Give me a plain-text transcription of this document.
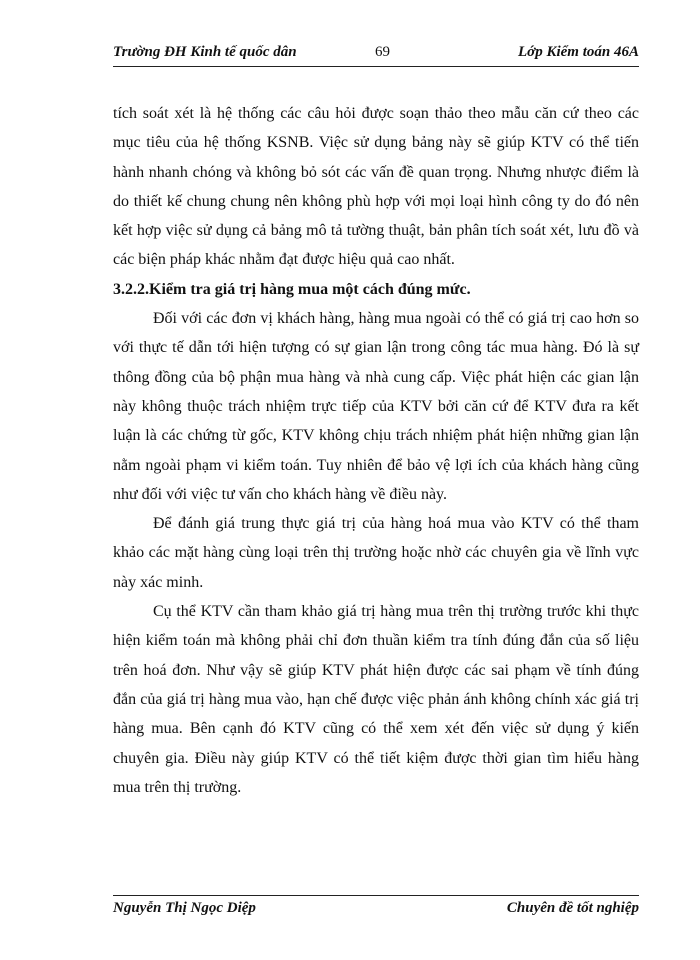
Trường ĐH Kinh tế quốc dân	69	Lớp Kiểm toán 46A

tích soát xét là hệ thống các câu hỏi được soạn thảo theo mẫu căn cứ theo các mục tiêu của hệ thống KSNB. Việc sử dụng bảng này sẽ giúp KTV có thể tiến hành nhanh chóng và không bỏ sót các vấn đề quan trọng. Nhưng nhược điểm là do thiết kế chung chung nên không phù hợp với mọi loại hình công ty do đó nên kết hợp việc sử dụng cả bảng mô tả tường thuật, bản phân tích soát xét, lưu đồ và các biện pháp khác nhằm đạt được hiệu quả cao nhất.

3.2.2.Kiểm tra giá trị hàng mua một cách đúng mức.

Đối với các đơn vị khách hàng, hàng mua ngoài có thể có giá trị cao hơn so với thực tế dẫn tới hiện tượng có sự gian lận trong công tác mua hàng. Đó là sự thông đồng của bộ phận mua hàng và nhà cung cấp. Việc phát hiện các gian lận này không thuộc trách nhiệm trực tiếp của KTV bởi căn cứ để KTV đưa ra kết luận là các chứng từ gốc, KTV không chịu trách nhiệm phát hiện những gian lận nằm ngoài phạm vi kiểm toán. Tuy nhiên để bảo vệ lợi ích của khách hàng cũng như đối với việc tư vấn cho khách hàng về điều này.

Để đánh giá trung thực giá trị của hàng hoá mua vào KTV có thể tham khảo các mặt hàng cùng loại trên thị trường hoặc nhờ các chuyên gia về lĩnh vực này xác minh.

Cụ thể KTV cần tham khảo giá trị hàng mua trên thị trường trước khi thực hiện kiểm toán mà không phải chỉ đơn thuần kiểm tra tính đúng đắn của số liệu trên hoá đơn. Như vậy sẽ giúp KTV phát hiện được các sai phạm về tính đúng đắn của giá trị hàng mua vào, hạn chế được việc phản ánh không chính xác giá trị hàng mua. Bên cạnh đó KTV cũng có thể xem xét đến việc sử dụng ý kiến chuyên gia. Điều này giúp KTV có thể tiết kiệm được thời gian tìm hiểu hàng mua trên thị trường.

Nguyễn Thị Ngọc Diệp	Chuyên đề tốt nghiệp
